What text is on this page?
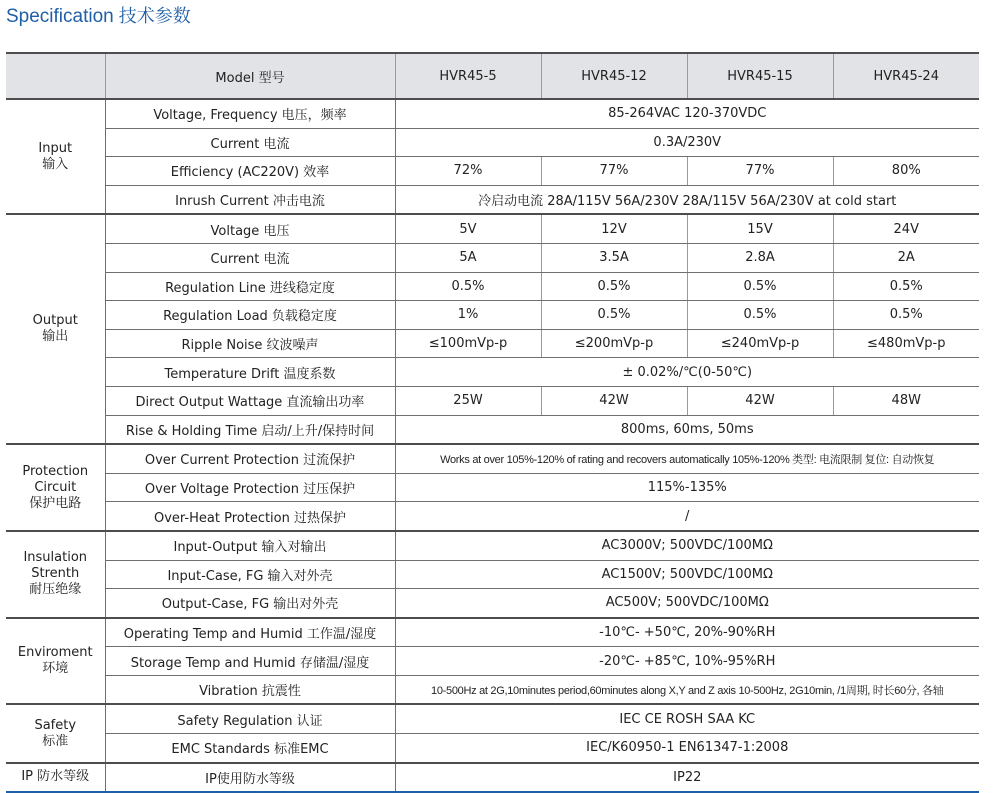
Specification 技术参数
	Model 型号	HVR45-5	HVR45-12	HVR45-15	HVR45-24

Input
输入	Voltage, Frequency 电压，频率	85-264VAC 120-370VDC			
	Current 电流	0.3A/230V			
	Efficiency (AC220V) 效率	72%	77%	77%	80%
	Inrush Current 冲击电流	冷启动电流 28A/115V 56A/230V 28A/115V 56A/230V at cold start			

Output
输出	Voltage 电压	5V	12V	15V	24V
	Current 电流	5A	3.5A	2.8A	2A
	Regulation Line 进线稳定度	0.5%	0.5%	0.5%	0.5%
	Regulation Load 负载稳定度	1%	0.5%	0.5%	0.5%
	Ripple Noise 纹波噪声	≤100mVp-p	≤200mVp-p	≤240mVp-p	≤480mVp-p
	Temperature Drift 温度系数	± 0.02%/℃(0-50℃)			
	Direct Output Wattage 直流输出功率	25W	42W	42W	48W
	Rise & Holding Time 启动/上升/保持时间	800ms, 60ms, 50ms			

Protection
Circuit
保护电路	Over Current Protection 过流保护	Works at over 105%-120% of rating and recovers automatically 105%-120% 类型: 电流限制 复位: 自动恢复			
	Over Voltage Protection 过压保护	115%-135%			
	Over-Heat Protection 过热保护	/			

Insulation
Strenth
耐压绝缘	Input-Output 输入对输出	AC3000V; 500VDC/100MΩ			
	Input-Case, FG 输入对外壳	AC1500V; 500VDC/100MΩ			
	Output-Case, FG 输出对外壳	AC500V; 500VDC/100MΩ			

Enviroment
环境	Operating Temp and Humid 工作温/湿度	-10℃- +50℃, 20%-90%RH			
	Storage Temp and Humid 存储温/湿度	-20℃- +85℃, 10%-95%RH			
	Vibration 抗震性	10-500Hz at 2G,10minutes period,60minutes along X,Y and Z axis 10-500Hz, 2G10min, /1周期, 时长60分, 各轴			

Safety
标准	Safety Regulation 认证	IEC CE ROSH SAA KC			
	EMC Standards 标准EMC	IEC/K60950-1 EN61347-1:2008			

IP 防水等级	IP使用防水等级	IP22			
